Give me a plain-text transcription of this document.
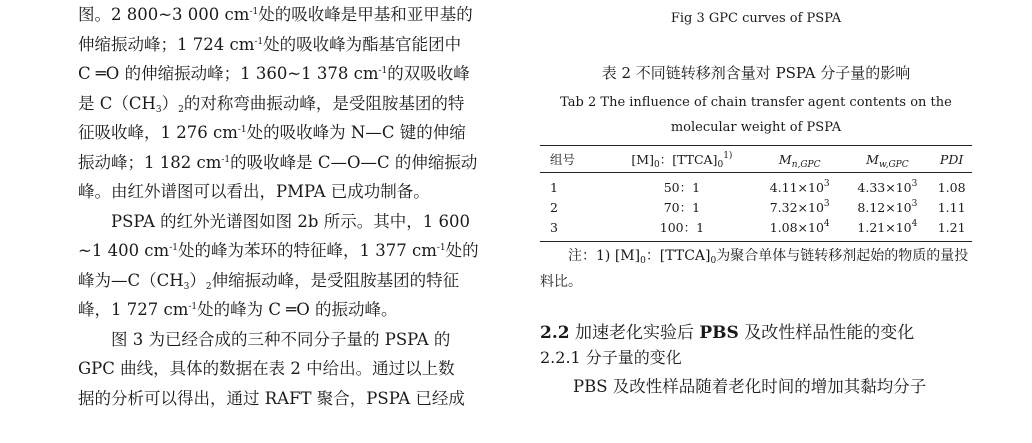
图。2 800~3 000 $cm^{-1}$处的吸收峰是甲基和亚甲基的
伸缩振动峰；1 724 $cm^{-1}$处的吸收峰为酯基官能团中
C ═O 的伸缩振动峰；1 360~1 378 $cm^{-1}$的双吸收峰
是 $C(CH_3)_2$的对称弯曲振动峰，是受阻胺基团的特
征吸收峰，1 276 $cm^{-1}$处的吸收峰为 N—C 键的伸缩
振动峰；1 182 $cm^{-1}$的吸收峰是 C—O—C 的伸缩振动
峰。由红外谱图可以看出，PMPA 已成功制备。

PSPA 的红外光谱图如图 2b 所示。其中，1 600
~1 400 $cm^{-1}$处的峰为苯环的特征峰，1 377 $cm^{-1}$处的
峰为$—C(CH_3)_2$伸缩振动峰，是受阻胺基团的特征
峰，1 727 $cm^{-1}$处的峰为 C ═O 的振动峰。

图 3 为已经合成的三种不同分子量的 PSPA 的
GPC 曲线，具体的数据在表 2 中给出。通过以上数
据的分析可以得出，通过 RAFT 聚合，PSPA 已经成

Fig 3 GPC curves of PSPA

表 2 不同链转移剂含量对 PSPA 分子量的影响

Tab 2 The influence of chain transfer agent contents on the
molecular weight of PSPA

组号	$[M]_0$：$[TTCA]_0^{1)}$	$M_{n,GPC}$	$M_{w,GPC}$	PDI
1	50：1	$4.11\times 10^3$	$4.33\times 10^3$	1.08
2	70：1	$7.32\times 10^3$	$8.12\times 10^3$	1.11
3	100：1	$1.08\times 10^4$	$1.21\times 10^4$	1.21

注：1) $[M]_0$：$[TTCA]_0$为聚合单体与链转移剂起始的物质的量投料比。

2.2 加速老化实验后 PBS 及改性样品性能的变化

2.2.1 分子量的变化

PBS 及改性样品随着老化时间的增加其黏均分子
